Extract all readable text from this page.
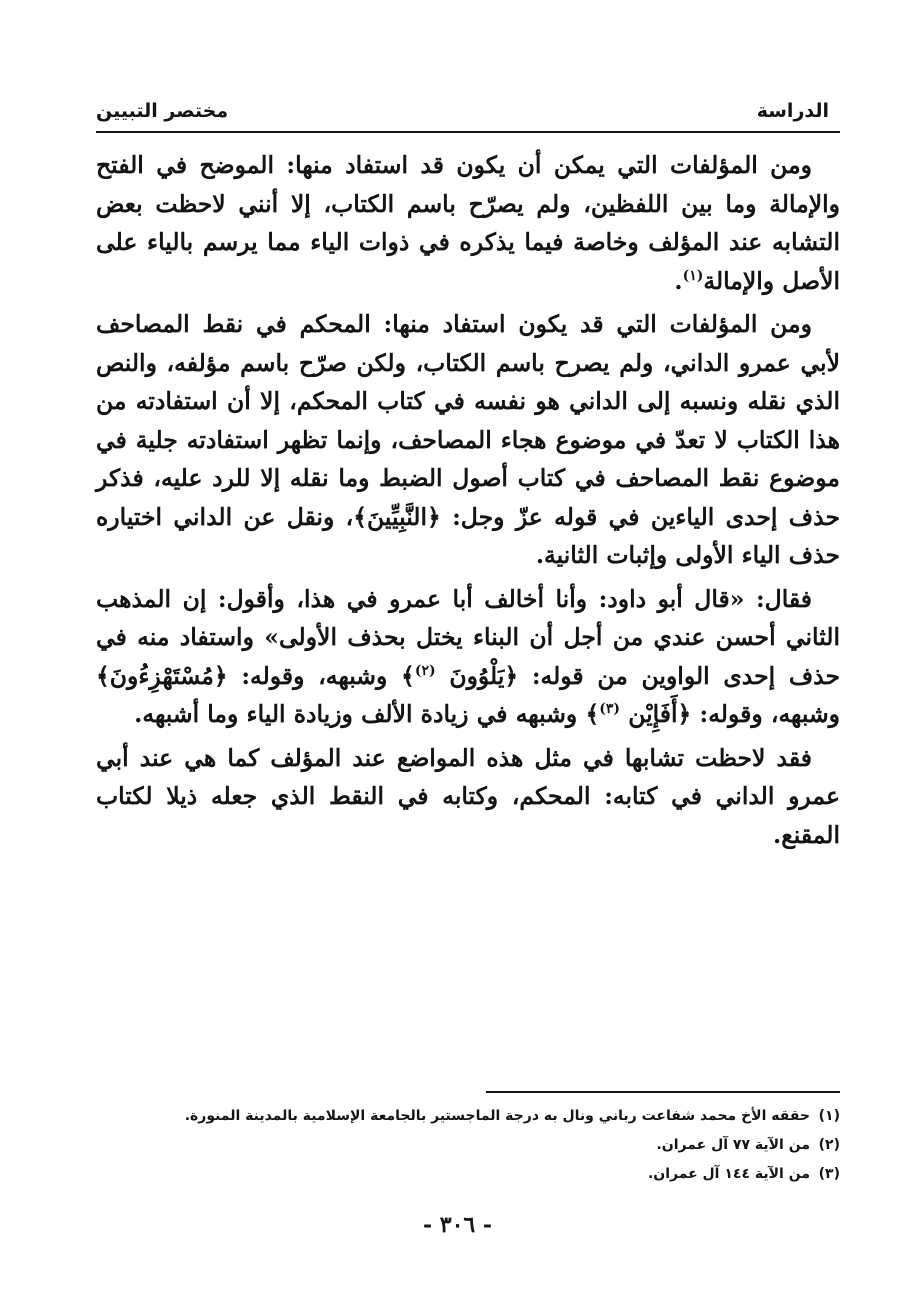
الدراسة
مختصر التبيين

ومن المؤلفات التي يمكن أن يكون قد استفاد منها: الموضح في الفتح والإمالة وما بين اللفظين، ولم يصرّح باسم الكتاب، إلا أنني لاحظت بعض التشابه عند المؤلف وخاصة فيما يذكره في ذوات الياء مما يرسم بالياء على الأصل والإمالة$^{(١)}$.

ومن المؤلفات التي قد يكون استفاد منها: المحكم في نقط المصاحف لأبي عمرو الداني، ولم يصرح باسم الكتاب، ولكن صرّح باسم مؤلفه، والنص الذي نقله ونسبه إلى الداني هو نفسه في كتاب المحكم، إلا أن استفادته من هذا الكتاب لا تعدّ في موضوع هجاء المصاحف، وإنما تظهر استفادته جلية في موضوع نقط المصاحف في كتاب أصول الضبط وما نقله إلا للرد عليه، فذكر حذف إحدى الياءين في قوله عزّ وجل: ﴿النَّبِيِّينَ﴾، ونقل عن الداني اختياره حذف الياء الأولى وإثبات الثانية.

فقال: «قال أبو داود: وأنا أخالف أبا عمرو في هذا، وأقول: إن المذهب الثاني أحسن عندي من أجل أن البناء يختل بحذف الأولى» واستفاد منه في حذف إحدى الواوين من قوله: ﴿يَلْوُونَ $^{(٢)}$﴾ وشبهه، وقوله: ﴿مُسْتَهْزِءُونَ﴾ وشبهه، وقوله: ﴿أَفَإِيْن $^{(٣)}$﴾ وشبهه في زيادة الألف وزيادة الياء وما أشبهه.

فقد لاحظت تشابها في مثل هذه المواضع عند المؤلف كما هي عند أبي عمرو الداني في كتابه: المحكم، وكتابه في النقط الذي جعله ذيلا لكتاب المقنع.

(١)
حققه الأخ محمد شفاعت رباني ونال به درجة الماجستير بالجامعة الإسلامية بالمدينة المنورة.
(٢)
من الآية ٧٧ آل عمران.
(٣)
من الآية ١٤٤ آل عمران.
- ٣٠٦ -
